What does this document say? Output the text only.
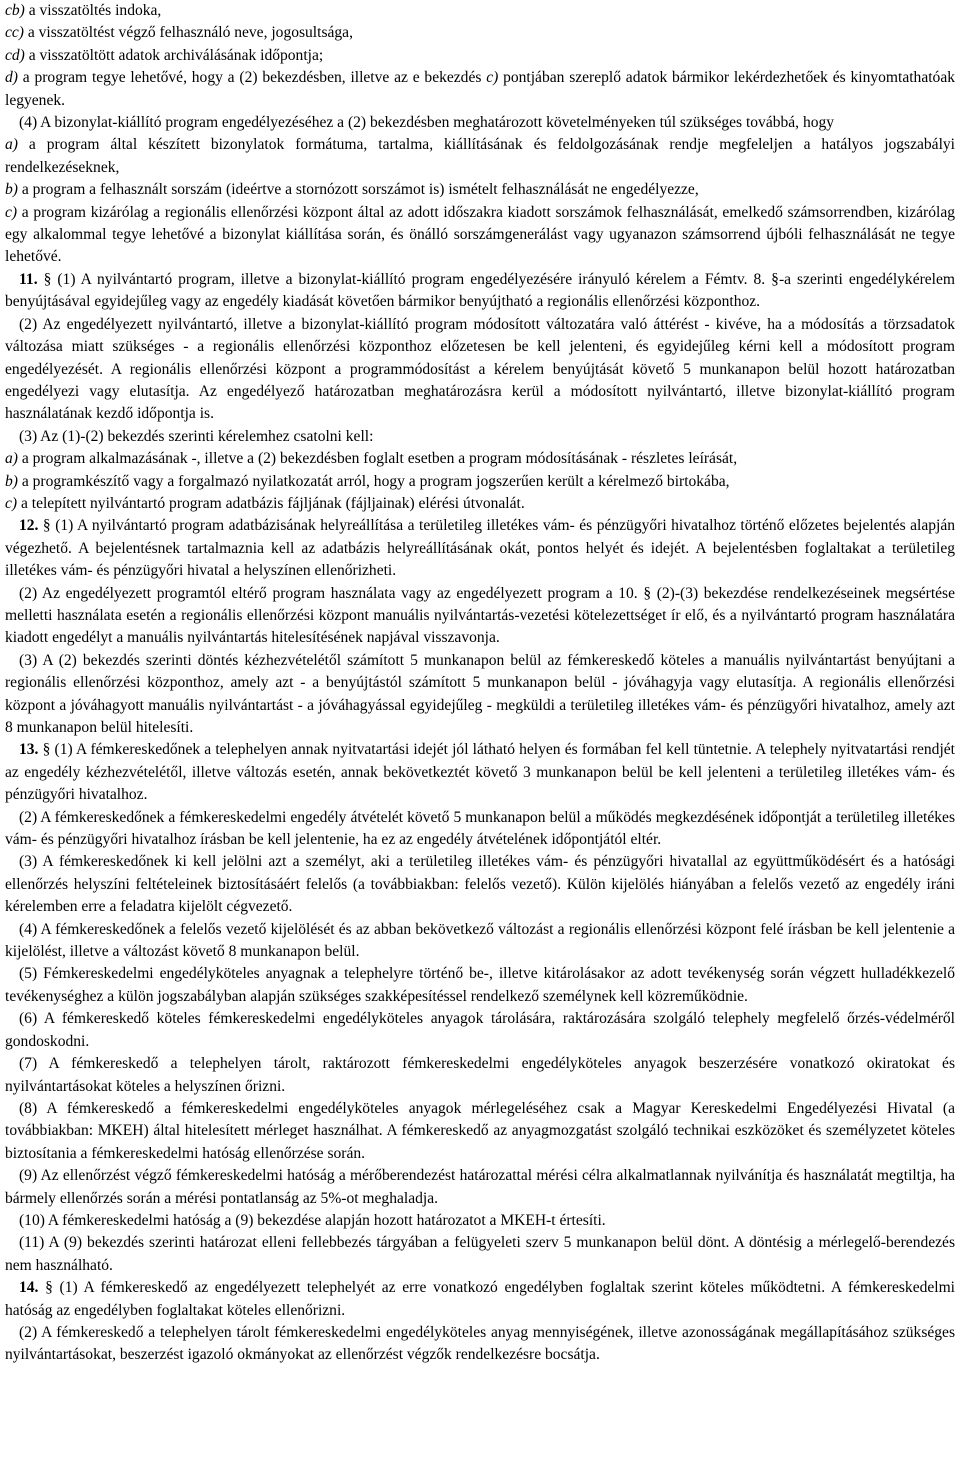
cb) a visszatöltés indoka,

cc) a visszatöltést végző felhasználó neve, jogosultsága,

cd) a visszatöltött adatok archiválásának időpontja;

d) a program tegye lehetővé, hogy a (2) bekezdésben, illetve az e bekezdés c) pontjában szereplő adatok bármikor lekérdezhetőek és kinyomtathatóak legyenek.

(4) A bizonylat-kiállító program engedélyezéséhez a (2) bekezdésben meghatározott követelményeken túl szükséges továbbá, hogy

a) a program által készített bizonylatok formátuma, tartalma, kiállításának és feldolgozásának rendje megfeleljen a hatályos jogszabályi rendelkezéseknek,

b) a program a felhasznált sorszám (ideértve a stornózott sorszámot is) ismételt felhasználását ne engedélyezze,

c) a program kizárólag a regionális ellenőrzési központ által az adott időszakra kiadott sorszámok felhasználását, emelkedő számsorrendben, kizárólag egy alkalommal tegye lehetővé a bizonylat kiállítása során, és önálló sorszámgenerálást vagy ugyanazon számsorrend újbóli felhasználását ne tegye lehetővé.

11. § (1) A nyilvántartó program, illetve a bizonylat-kiállító program engedélyezésére irányuló kérelem a Fémtv. 8. §-a szerinti engedélykérelem benyújtásával egyidejűleg vagy az engedély kiadását követően bármikor benyújtható a regionális ellenőrzési központhoz.

(2) Az engedélyezett nyilvántartó, illetve a bizonylat-kiállító program módosított változatára való áttérést - kivéve, ha a módosítás a törzsadatok változása miatt szükséges - a regionális ellenőrzési központhoz előzetesen be kell jelenteni, és egyidejűleg kérni kell a módosított program engedélyezését. A regionális ellenőrzési központ a programmódosítást a kérelem benyújtását követő 5 munkanapon belül hozott határozatban engedélyezi vagy elutasítja. Az engedélyező határozatban meghatározásra kerül a módosított nyilvántartó, illetve bizonylat-kiállító program használatának kezdő időpontja is.

(3) Az (1)-(2) bekezdés szerinti kérelemhez csatolni kell:

a) a program alkalmazásának -, illetve a (2) bekezdésben foglalt esetben a program módosításának - részletes leírását,

b) a programkészítő vagy a forgalmazó nyilatkozatát arról, hogy a program jogszerűen került a kérelmező birtokába,

c) a telepített nyilvántartó program adatbázis fájljának (fájljainak) elérési útvonalát.

12. § (1) A nyilvántartó program adatbázisának helyreállítása a területileg illetékes vám- és pénzügyőri hivatalhoz történő előzetes bejelentés alapján végezhető. A bejelentésnek tartalmaznia kell az adatbázis helyreállításának okát, pontos helyét és idejét. A bejelentésben foglaltakat a területileg illetékes vám- és pénzügyőri hivatal a helyszínen ellenőrizheti.

(2) Az engedélyezett programtól eltérő program használata vagy az engedélyezett program a 10. § (2)-(3) bekezdése rendelkezéseinek megsértése melletti használata esetén a regionális ellenőrzési központ manuális nyilvántartás-vezetési kötelezettséget ír elő, és a nyilvántartó program használatára kiadott engedélyt a manuális nyilvántartás hitelesítésének napjával visszavonja.

(3) A (2) bekezdés szerinti döntés kézhezvételétől számított 5 munkanapon belül az fémkereskedő köteles a manuális nyilvántartást benyújtani a regionális ellenőrzési központhoz, amely azt - a benyújtástól számított 5 munkanapon belül - jóváhagyja vagy elutasítja. A regionális ellenőrzési központ a jóváhagyott manuális nyilvántartást - a jóváhagyással egyidejűleg - megküldi a területileg illetékes vám- és pénzügyőri hivatalhoz, amely azt 8 munkanapon belül hitelesíti.

13. § (1) A fémkereskedőnek a telephelyen annak nyitvatartási idejét jól látható helyen és formában fel kell tüntetnie. A telephely nyitvatartási rendjét az engedély kézhezvételétől, illetve változás esetén, annak bekövetkeztét követő 3 munkanapon belül be kell jelenteni a területileg illetékes vám- és pénzügyőri hivatalhoz.

(2) A fémkereskedőnek a fémkereskedelmi engedély átvételét követő 5 munkanapon belül a működés megkezdésének időpontját a területileg illetékes vám- és pénzügyőri hivatalhoz írásban be kell jelentenie, ha ez az engedély átvételének időpontjától eltér.

(3) A fémkereskedőnek ki kell jelölni azt a személyt, aki a területileg illetékes vám- és pénzügyőri hivatallal az együttműködésért és a hatósági ellenőrzés helyszíni feltételeinek biztosításáért felelős (a továbbiakban: felelős vezető). Külön kijelölés hiányában a felelős vezető az engedély iráni kérelemben erre a feladatra kijelölt cégvezető.

(4) A fémkereskedőnek a felelős vezető kijelölését és az abban bekövetkező változást a regionális ellenőrzési központ felé írásban be kell jelentenie a kijelölést, illetve a változást követő 8 munkanapon belül.

(5) Fémkereskedelmi engedélyköteles anyagnak a telephelyre történő be-, illetve kitárolásakor az adott tevékenység során végzett hulladékkezelő tevékenységhez a külön jogszabályban alapján szükséges szakképesítéssel rendelkező személynek kell közreműködnie.

(6) A fémkereskedő köteles fémkereskedelmi engedélyköteles anyagok tárolására, raktározására szolgáló telephely megfelelő őrzés-védelméről gondoskodni.

(7) A fémkereskedő a telephelyen tárolt, raktározott fémkereskedelmi engedélyköteles anyagok beszerzésére vonatkozó okiratokat és nyilvántartásokat köteles a helyszínen őrizni.

(8) A fémkereskedő a fémkereskedelmi engedélyköteles anyagok mérlegeléséhez csak a Magyar Kereskedelmi Engedélyezési Hivatal (a továbbiakban: MKEH) által hitelesített mérleget használhat. A fémkereskedő az anyagmozgatást szolgáló technikai eszközöket és személyzetet köteles biztosítania a fémkereskedelmi hatóság ellenőrzése során.

(9) Az ellenőrzést végző fémkereskedelmi hatóság a mérőberendezést határozattal mérési célra alkalmatlannak nyilvánítja és használatát megtiltja, ha bármely ellenőrzés során a mérési pontatlanság az 5%-ot meghaladja.

(10) A fémkereskedelmi hatóság a (9) bekezdése alapján hozott határozatot a MKEH-t értesíti.

(11) A (9) bekezdés szerinti határozat elleni fellebbezés tárgyában a felügyeleti szerv 5 munkanapon belül dönt. A döntésig a mérlegelő-berendezés nem használható.

14. § (1) A fémkereskedő az engedélyezett telephelyét az erre vonatkozó engedélyben foglaltak szerint köteles működtetni. A fémkereskedelmi hatóság az engedélyben foglaltakat köteles ellenőrizni.

(2) A fémkereskedő a telephelyen tárolt fémkereskedelmi engedélyköteles anyag mennyiségének, illetve azonosságának megállapításához szükséges nyilvántartásokat, beszerzést igazoló okmányokat az ellenőrzést végzők rendelkezésre bocsátja.
